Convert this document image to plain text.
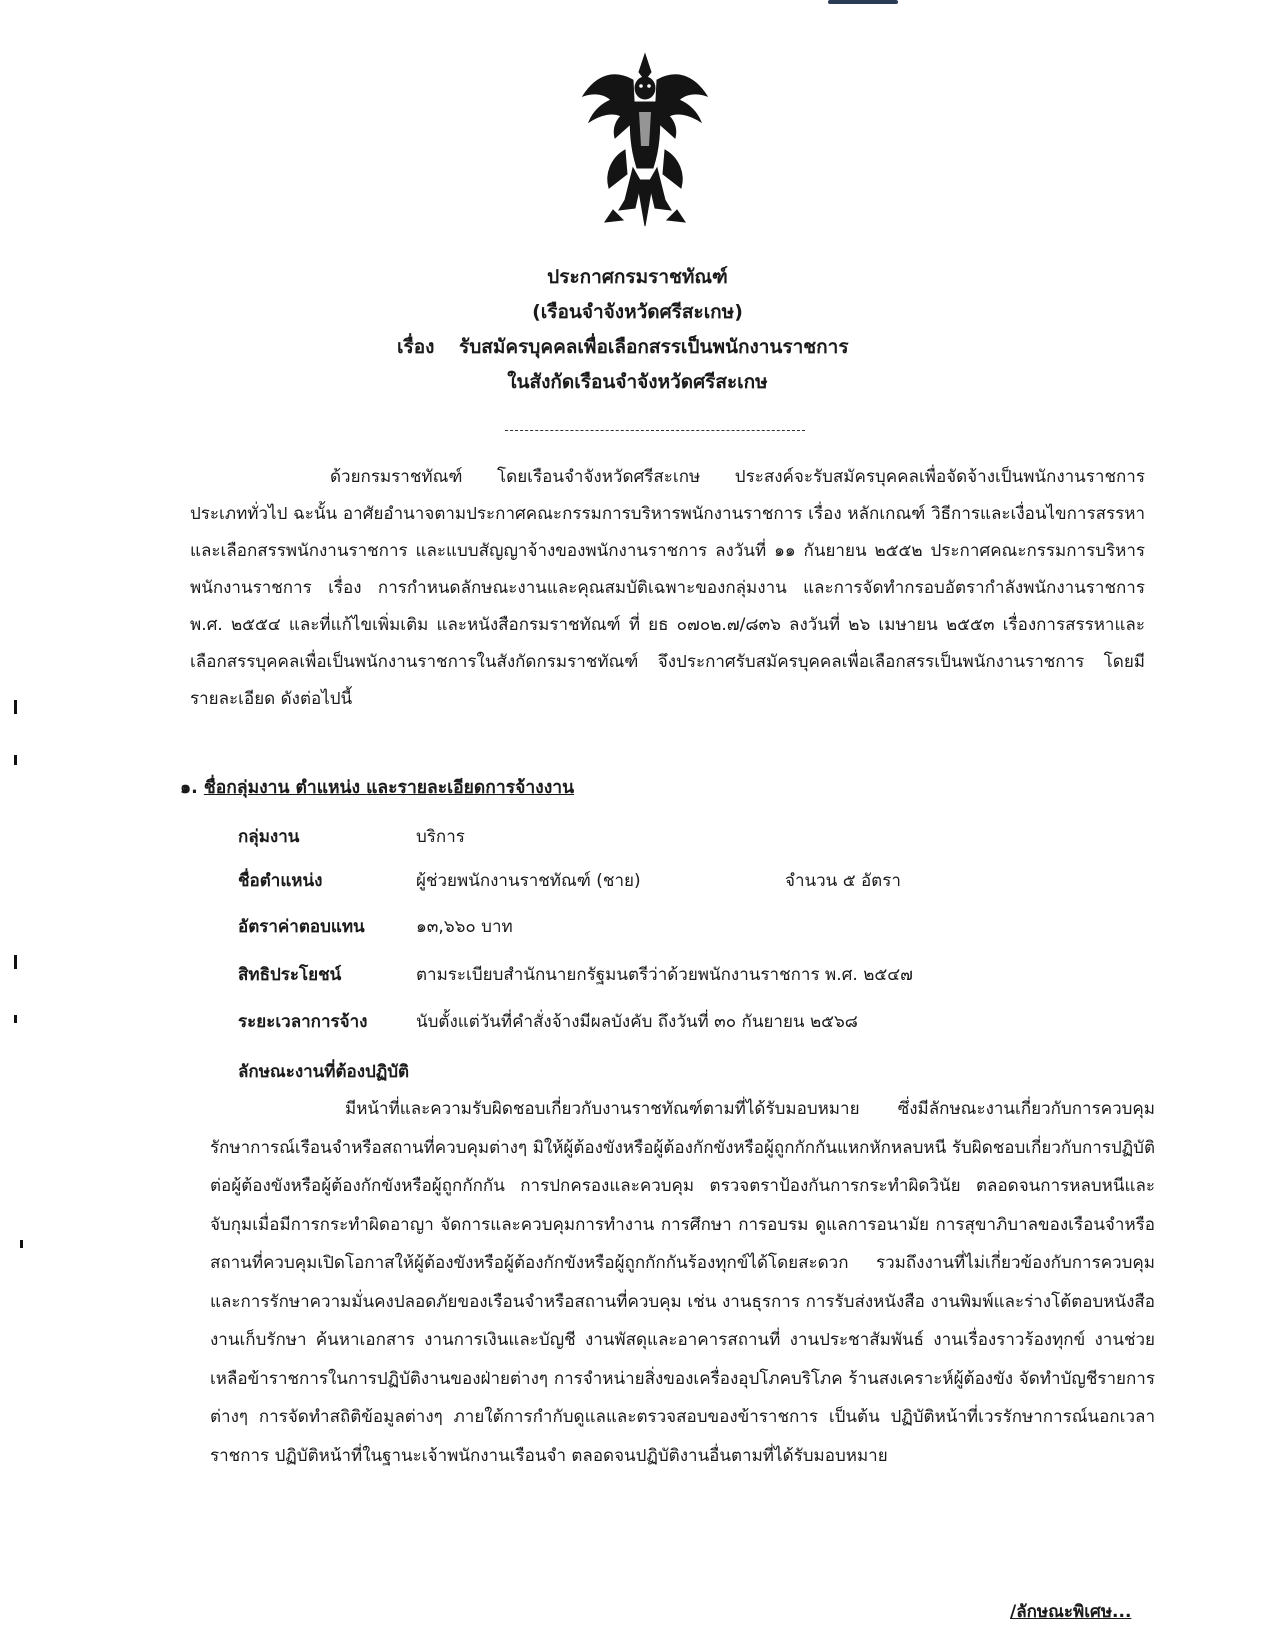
ประกาศกรมราชทัณฑ์
(เรือนจำจังหวัดศรีสะเกษ)
เรื่อง รับสมัครบุคคลเพื่อเลือกสรรเป็นพนักงานราชการ
ในสังกัดเรือนจำจังหวัดศรีสะเกษ
ด้วยกรมราชทัณฑ์ โดยเรือนจำจังหวัดศรีสะเกษ ประสงค์จะรับสมัครบุคคลเพื่อจัดจ้างเป็นพนักงานราชการ ประเภททั่วไป ฉะนั้น อาศัยอำนาจตามประกาศคณะกรรมการบริหารพนักงานราชการ เรื่อง หลักเกณฑ์ วิธีการและเงื่อนไขการสรรหาและเลือกสรรพนักงานราชการ และแบบสัญญาจ้างของพนักงานราชการ ลงวันที่ ๑๑ กันยายน ๒๕๕๒ ประกาศคณะกรรมการบริหารพนักงานราชการ เรื่อง การกำหนดลักษณะงานและคุณสมบัติเฉพาะของกลุ่มงาน และการจัดทำกรอบอัตรากำลังพนักงานราชการ พ.ศ. ๒๕๕๔ และที่แก้ไขเพิ่มเติม และหนังสือกรมราชทัณฑ์ ที่ ยธ ๐๗๐๒.๗/๘๓๖ ลงวันที่ ๒๖ เมษายน ๒๕๕๓ เรื่องการสรรหาและเลือกสรรบุคคลเพื่อเป็นพนักงานราชการในสังกัดกรมราชทัณฑ์ จึงประกาศรับสมัครบุคคลเพื่อเลือกสรรเป็นพนักงานราชการ โดยมีรายละเอียด ดังต่อไปนี้
๑. ชื่อกลุ่มงาน ตำแหน่ง และรายละเอียดการจ้างงาน
กลุ่มงาน	บริการ
ชื่อตำแหน่ง	ผู้ช่วยพนักงานราชทัณฑ์ (ชาย)	จำนวน ๕ อัตรา
อัตราค่าตอบแทน	๑๓,๖๖๐ บาท
สิทธิประโยชน์	ตามระเบียบสำนักนายกรัฐมนตรีว่าด้วยพนักงานราชการ พ.ศ. ๒๕๔๗
ระยะเวลาการจ้าง	นับตั้งแต่วันที่คำสั่งจ้างมีผลบังคับ ถึงวันที่ ๓๐ กันยายน ๒๕๖๘
ลักษณะงานที่ต้องปฏิบัติ
มีหน้าที่และความรับผิดชอบเกี่ยวกับงานราชทัณฑ์ตามที่ได้รับมอบหมาย ซึ่งมีลักษณะงานเกี่ยวกับการควบคุมรักษาการณ์เรือนจำหรือสถานที่ควบคุมต่างๆ มิให้ผู้ต้องขังหรือผู้ต้องกักขังหรือผู้ถูกกักกันแหกหักหลบหนี รับผิดชอบเกี่ยวกับการปฏิบัติต่อผู้ต้องขังหรือผู้ต้องกักขังหรือผู้ถูกกักกัน การปกครองและควบคุม ตรวจตราป้องกันการกระทำผิดวินัย ตลอดจนการหลบหนีและจับกุมเมื่อมีการกระทำผิดอาญา จัดการและควบคุมการทำงาน การศึกษา การอบรม ดูแลการอนามัย การสุขาภิบาลของเรือนจำหรือสถานที่ควบคุมเปิดโอกาสให้ผู้ต้องขังหรือผู้ต้องกักขังหรือผู้ถูกกักกันร้องทุกข์ได้โดยสะดวก รวมถึงงานที่ไม่เกี่ยวข้องกับการควบคุมและการรักษาความมั่นคงปลอดภัยของเรือนจำหรือสถานที่ควบคุม เช่น งานธุรการ การรับส่งหนังสือ งานพิมพ์และร่างโต้ตอบหนังสือ งานเก็บรักษา ค้นหาเอกสาร งานการเงินและบัญชี งานพัสดุและอาคารสถานที่ งานประชาสัมพันธ์ งานเรื่องราวร้องทุกข์ งานช่วยเหลือข้าราชการในการปฏิบัติงานของฝ่ายต่างๆ การจำหน่ายสิ่งของเครื่องอุปโภคบริโภค ร้านสงเคราะห์ผู้ต้องขัง จัดทำบัญชีรายการต่างๆ การจัดทำสถิติข้อมูลต่างๆ ภายใต้การกำกับดูแลและตรวจสอบของข้าราชการ เป็นต้น ปฏิบัติหน้าที่เวรรักษาการณ์นอกเวลาราชการ ปฏิบัติหน้าที่ในฐานะเจ้าพนักงานเรือนจำ ตลอดจนปฏิบัติงานอื่นตามที่ได้รับมอบหมาย
/ลักษณะพิเศษ...
